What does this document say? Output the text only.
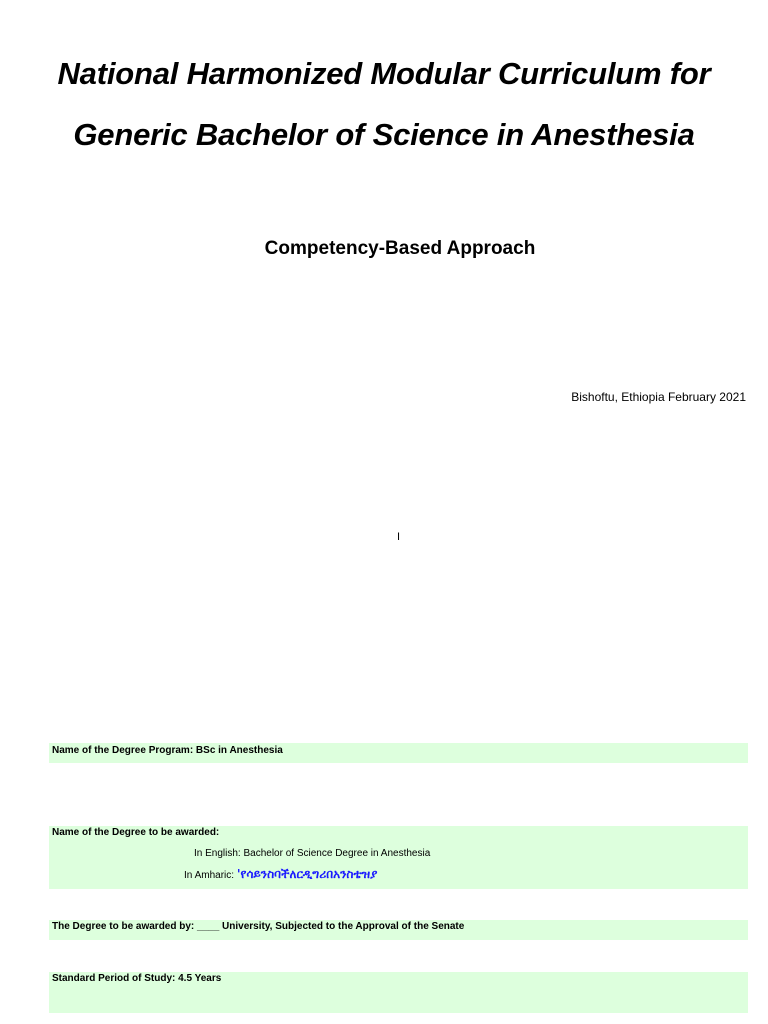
National Harmonized Modular Curriculum for
Generic Bachelor of Science in Anesthesia
Competency-Based Approach
Bishoftu, Ethiopia February 2021
I
Name of the Degree Program: BSc in Anesthesia
Name of the Degree to be awarded:
In English: Bachelor of Science Degree in Anesthesia
In Amharic: 'የሳይንስባችለርዲግሪበአንስቴዝያ
The Degree to be awarded by: ____ University, Subjected to the Approval of the Senate
Standard Period of Study: 4.5 Years
